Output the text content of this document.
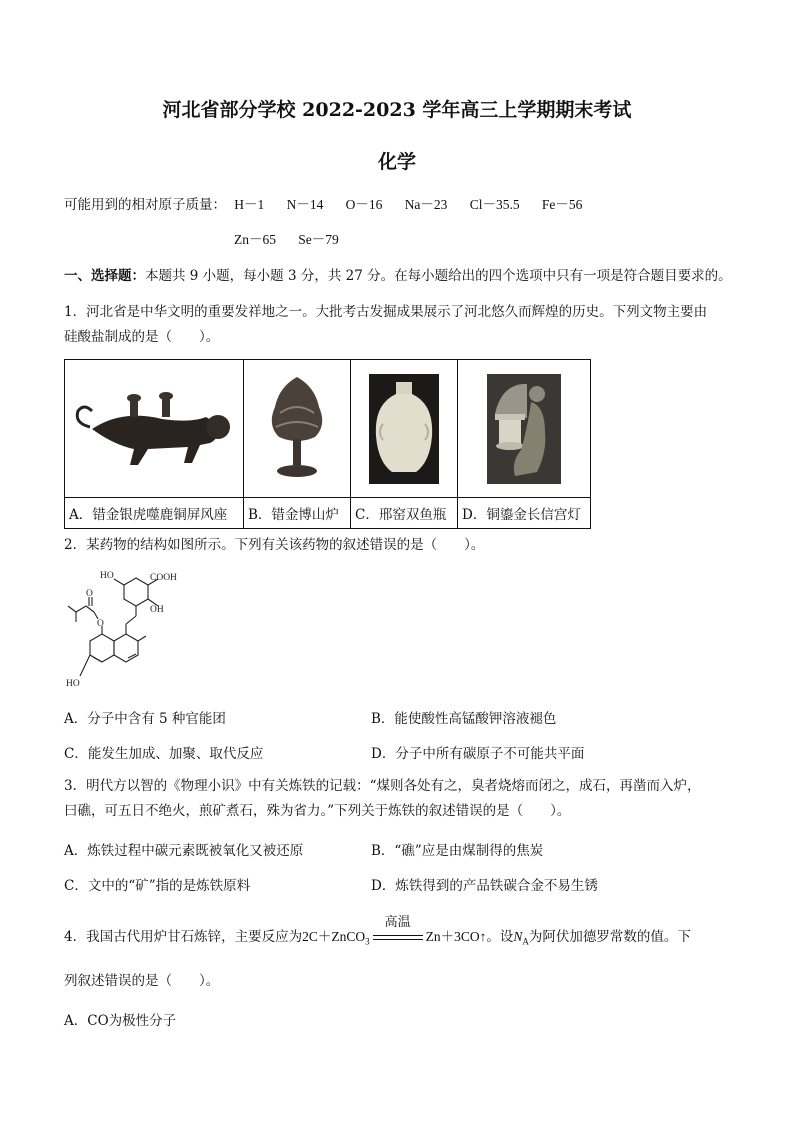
河北省部分学校 2022-2023 学年高三上学期期末考试
化学
可能用到的相对原子质量： H－1 N－14 O－16 Na－23 Cl－35.5 Fe－56
Zn－65 Se－79
一、选择题：本题共 9 小题，每小题 3 分，共 27 分。在每小题给出的四个选项中只有一项是符合题目要求的。
1．河北省是中华文明的重要发祥地之一。大批考古发掘成果展示了河北悠久而辉煌的历史。下列文物主要由
硅酸盐制成的是（　　）。

A．错金银虎噬鹿铜屏风座	B．错金博山炉	C．邢窑双鱼瓶	D．铜鎏金长信宫灯
2．某药物的结构如图所示。下列有关该药物的叙述错误的是（　　）。
HO	COOH
OH
O
O
HO
A．分子中含有 5 种官能团	B．能使酸性高锰酸钾溶液褪色
C．能发生加成、加聚、取代反应	D．分子中所有碳原子不可能共平面
3．明代方以智的《物理小识》中有关炼铁的记载：“煤则各处有之，臭者烧熔而闭之，成石，再凿而入炉，
曰礁，可五日不绝火，煎矿煮石，殊为省力。”下列关于炼铁的叙述错误的是（　　）。
A．炼铁过程中碳元素既被氧化又被还原	B．“礁”应是由煤制得的焦炭
C．文中的“矿”指的是炼铁原料	D．炼铁得到的产品铁碳合金不易生锈
4．我国古代用炉甘石炼锌，主要反应为2C＋ZnCO$_3$
高温
Zn＋3CO↑。设$N_A$为阿伏加德罗常数的值。下
列叙述错误的是（　　）。
A．CO为极性分子
